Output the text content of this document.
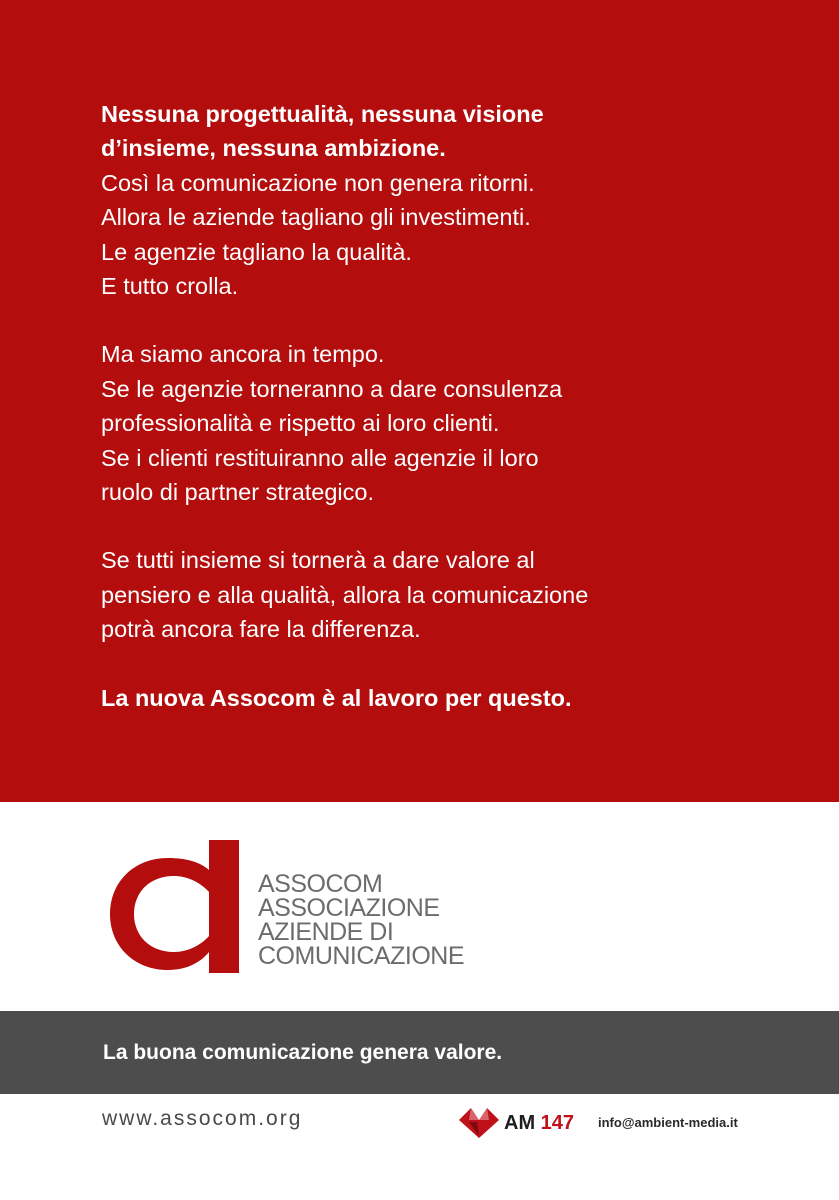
Nessuna progettualità, nessuna visione
d’insieme, nessuna ambizione.
Così la comunicazione non genera ritorni.
Allora le aziende tagliano gli investimenti.
Le agenzie tagliano la qualità.
E tutto crolla.
Ma siamo ancora in tempo.
Se le agenzie torneranno a dare consulenza
professionalità e rispetto ai loro clienti.
Se i clienti restituiranno alle agenzie il loro
ruolo di partner strategico.
Se tutti insieme si tornerà a dare valore al
pensiero e alla qualità, allora la comunicazione
potrà ancora fare la differenza.
La nuova Assocom è al lavoro per questo.
C ASSOCOM
ASSOCIAZIONE
AZIENDE DI
COMUNICAZIONE
La buona comunicazione genera valore.
www.assocom.org	AM 147 info@ambient-media.it
